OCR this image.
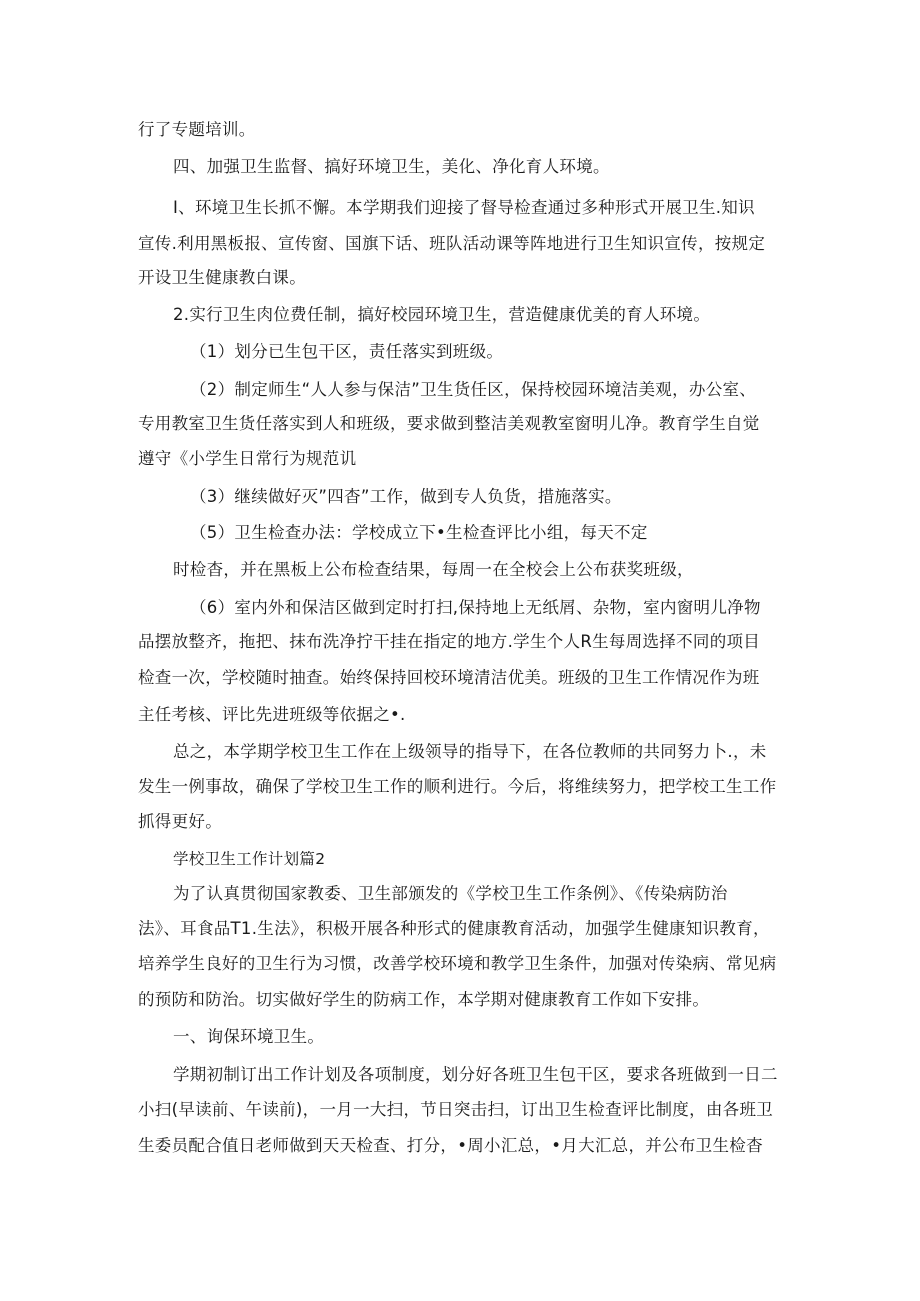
行了专题培训。
四、加强卫生监督、搞好环境卫生，美化、净化育人环境。
I、环境卫生长抓不懈。本学期我们迎接了督导检查通过多种形式开展卫生.知识
宣传.利用黑板报、宣传窗、国旗下话、班队活动课等阵地进行卫生知识宣传，按规定
开设卫生健康教白课。
2.实行卫生肉位费任制，搞好校园环境卫生，营造健康优美的育人环境。
（1）划分已生包干区，责任落实到班级。
（2）制定师生“人人参与保洁”卫生货任区，保持校园环境洁美观，办公室、
专用教室卫生货任落实到人和班级，要求做到整洁美观教室窗明儿净。教育学生自觉
遵守《小学生日常行为规范讥
（3）继续做好灭”四杳”工作，做到专人负货，措施落实。
（5）卫生检查办法：学校成立下•生检查评比小组，每天不定
时检杳，并在黑板上公布检查结果，每周一在全校会上公布获奖班级，
（6）室内外和保洁区做到定时打扫,保持地上无纸屑、杂物，室内窗明儿净物
品摆放整齐，拖把、抹布洗净拧干挂在指定的地方.学生个人R生每周选择不同的项目
检查一次，学校随时抽查。始终保持回校环境清洁优美。班级的卫生工作情况作为班
主任考核、评比先进班级等依据之•.
总之，本学期学校卫生工作在上级领导的指导下，在各位教师的共同努力卜.，未
发生一例事故，确保了学校卫生工作的顺利进行。今后，将维续努力，把学校工生工作
抓得更好。
学校卫生工作计划篇2
为了认真贯彻国家教委、卫生部颁发的《学校卫生工作条例》、《传染病防治
法》、耳食品T1.生法》，积极开展各种形式的健康教育活动，加强学生健康知识教育，
培养学生良好的卫生行为习惯，改善学校环境和教学卫生条件，加强对传染病、常见病
的预防和防治。切实做好学生的防病工作，本学期对健康教育工作如下安排。
一、询保环境卫生。
学期初制订出工作计划及各项制度，划分好各班卫生包干区，要求各班做到一日二
小扫(早读前、午读前)，一月一大扫，节日突击扫，订出卫生检查评比制度，由各班卫
生委员配合值日老师做到天天检查、打分，•周小汇总，•月大汇总，并公布卫生检杳
